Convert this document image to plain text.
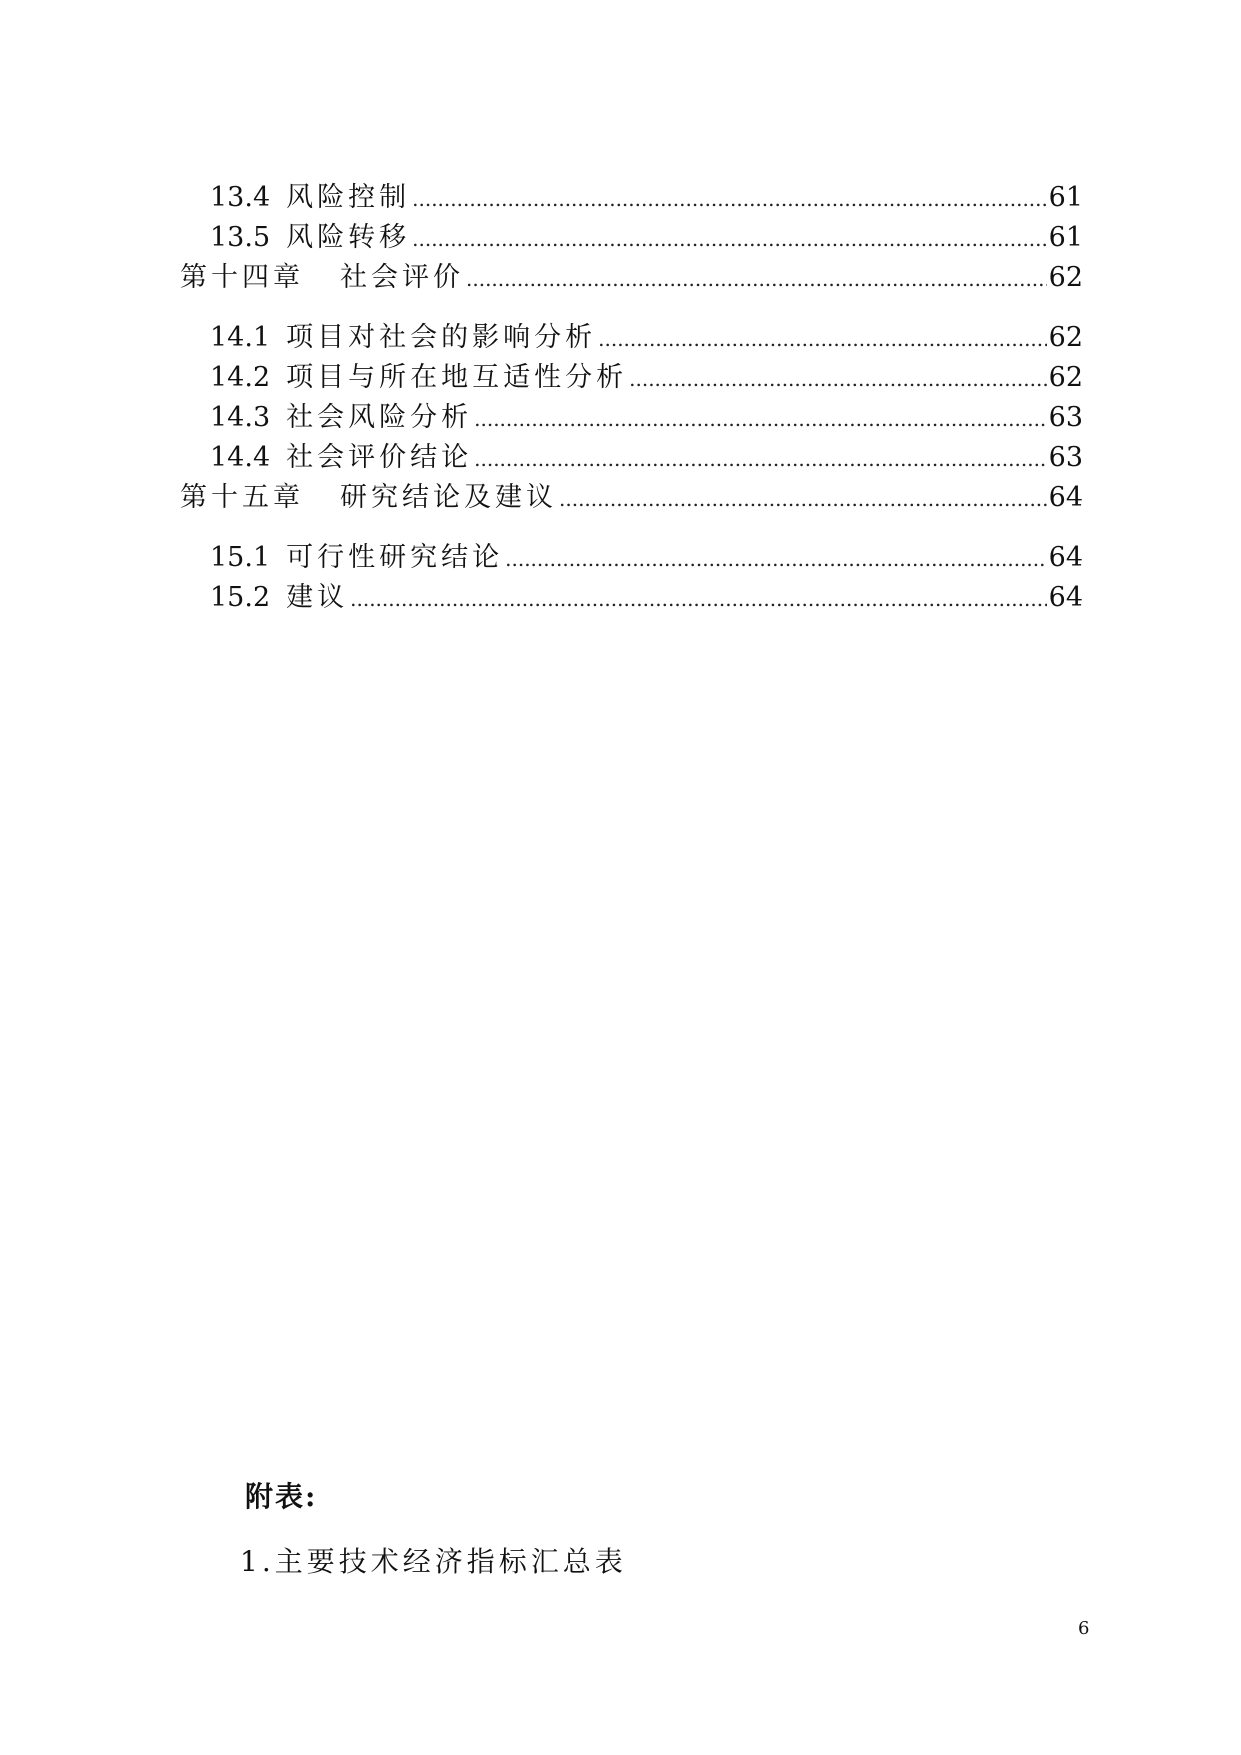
13.4 风险控制 .....	61
13.5 风险转移 .....	61
第十四章 社会评价 .....	62
14.1 项目对社会的影响分析 .....	62
14.2 项目与所在地互适性分析 .....	62
14.3 社会风险分析 .....	63
14.4 社会评价结论 .....	63
第十五章 研究结论及建议 .....	64
15.1 可行性研究结论 .....	64
15.2 建议 .....	64
附表:
1.主要技术经济指标汇总表
6
